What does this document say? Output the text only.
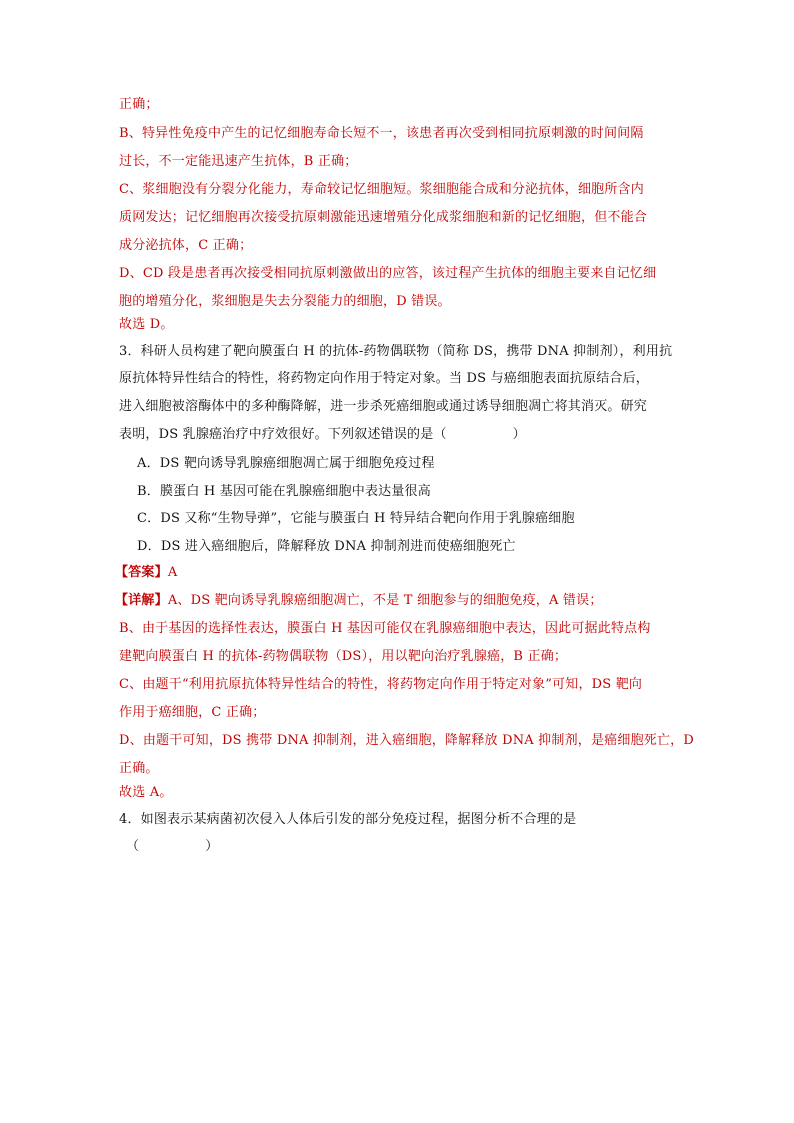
正确；
B、特异性免疫中产生的记忆细胞寿命长短不一，该患者再次受到相同抗原刺激的时间间隔
过长，不一定能迅速产生抗体，B 正确；
C、浆细胞没有分裂分化能力，寿命较记忆细胞短。浆细胞能合成和分泌抗体，细胞所含内
质网发达；记忆细胞再次接受抗原刺激能迅速增殖分化成浆细胞和新的记忆细胞，但不能合
成分泌抗体，C 正确；
D、CD 段是患者再次接受相同抗原刺激做出的应答，该过程产生抗体的细胞主要来自记忆细
胞的增殖分化，浆细胞是失去分裂能力的细胞，D 错误。
故选 D。
3．科研人员构建了靶向膜蛋白 H 的抗体-药物偶联物（简称 DS，携带 DNA 抑制剂），利用抗
原抗体特异性结合的特性，将药物定向作用于特定对象。当 DS 与癌细胞表面抗原结合后，
进入细胞被溶酶体中的多种酶降解，进一步杀死癌细胞或通过诱导细胞凋亡将其消灭。研究
表明，DS 乳腺癌治疗中疗效很好。下列叙述错误的是（　　　　　）
A．DS 靶向诱导乳腺癌细胞凋亡属于细胞免疫过程
B．膜蛋白 H 基因可能在乳腺癌细胞中表达量很高
C．DS 又称“生物导弹”，它能与膜蛋白 H 特异结合靶向作用于乳腺癌细胞
D．DS 进入癌细胞后，降解释放 DNA 抑制剂进而使癌细胞死亡
【答案】A
【详解】A、DS 靶向诱导乳腺癌细胞凋亡，不是 T 细胞参与的细胞免疫，A 错误；
B、由于基因的选择性表达，膜蛋白 H 基因可能仅在乳腺癌细胞中表达，因此可据此特点构
建靶向膜蛋白 H 的抗体-药物偶联物（DS），用以靶向治疗乳腺癌，B 正确；
C、由题干“利用抗原抗体特异性结合的特性，将药物定向作用于特定对象”可知，DS 靶向
作用于癌细胞，C 正确；
D、由题干可知，DS 携带 DNA 抑制剂，进入癌细胞，降解释放 DNA 抑制剂，是癌细胞死亡，D
正确。
故选 A。
4．如图表示某病菌初次侵入人体后引发的部分免疫过程，据图分析不合理的是
（　　　　　）
